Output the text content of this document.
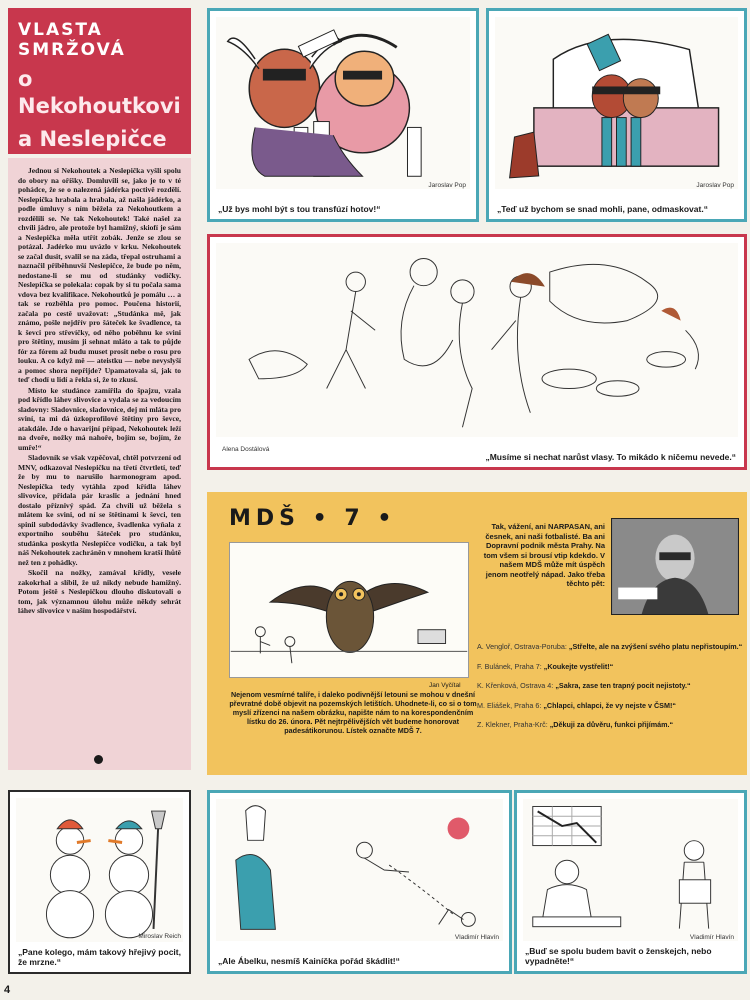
4
VLASTA SMRŽOVÁ
o Nekohoutkovi
a Neslepičce

Jednou si Nekohoutek a Neslepička vyšli spolu do obory na oříšky. Domluvili se, jako je to v té pohádce, že se o nalezená jádérka poctivě rozdělí. Neslepička hrabala a hrabala, až našla jádérko, a podle úmluvy s ním běžela za Nekohoutkem a rozdělili se. Ne tak Nekohoutek! Také našel za chvíli jádro, ale protože byl hamižný, skiofí je sám a Neslepička měla utřít zobák. Jenže se zlou se potázal. Jadérko mu uvázlo v krku. Nekohoutek se začal dusit, svalil se na záda, třepal ostruhami a naznačil přiběhnuvší Neslepičce, že bude po něm, nedostane-li se mu od studánky vodičky. Neslepička se polekala: copak by si tu počala sama vdova bez kvalifikace. Nekohoutků je pomálu … a tak se rozběhla pro pomoc. Poučena historií, začala po cestě uvažovat: „Studánka mě, jak známo, pošle nejdřív pro šáteček ke švadlence, ta k ševci pro střevíčky, od něho poběhnu ke svini pro štětiny, musím ji sehnat mláto a tak to půjde fór za fórem až budu muset prosit nebe o rosu pro louku. A co když mě — ateistku — nebe nevyslyší a pomoc shora nepřijde? Upamatovala si, jak to teď chodí u lidí a řekla si, že to zkusí.

Místo ke studánce zamířila do špajzu, vzala pod křídlo láhev slivovice a vydala se za vedoucím sladovny: Sladovnice, sladovnice, dej mi mláta pro sviní, ta mi dá úzkoprofilové štětiny pro ševce, atakdále. Jde o havarijní případ, Nekohoutek leží na dvoře, nožky má nahoře, bojím se, bojím, že umře!“

Sladovník se však vzpěčoval, chtěl potvrzení od MNV, odkazoval Neslepičku na třetí čtvrtletí, teď že by mu to narušilo harmonogram apod. Neslepička tedy vytáhla zpod křídla láhev slivovice, přidala pár kraslic a jednání hned dostalo příznivý spád. Za chvíli už běžela s mlátem ke svini, od ní se štětinami k ševci, ten spinil subdodávky švadlence, švadlenka vyňala z exportního souběhu šáteček pro studánku, studánka poskytla Neslepičce vodičku, a tak byl náš Nekohoutek zachráněn v mnohem kratší lhůtě než ten z pohádky.

Skočil na nožky, zamával křídly, vesele zakokrhal a slíbil, že už nikdy nebude hamižný. Potom ještě s Neslepičkou dlouho diskutovali o tom, jak významnou úlohu může někdy sehrát láhev slivovice v naším hospodářství.

Jaroslav Pop
„Už bys mohl být s tou transfúzí hotov!“
Jaroslav Pop
„Teď už bychom se snad mohli, pane, odmaskovat.“
Alena Dostálová
„Musíme si nechat narůst vlasy. To mikádo k ničemu nevede.“
MDŠ • 7 •
Jan Vyčítal
Nejenom vesmírné talíře, i daleko podivnější letouni se mohou v dnešní převratné době objevit na pozemských letištích. Uhodnete-li, co si o tom myslí zřízenci na našem obrázku, napište nám to na korespondenčním lístku do 26. února. Pět nejtrpělivějších vět budeme honorovat padesátikorunou. Lístek označte MDŠ 7.
Tak, vážení, ani NARPASAN, ani česnek, ani naši fotbalisté. Ba ani Dopravní podnik města Prahy. Na tom všem si brousí vtip kdekdo. V našem MDŠ může mít úspěch jenom neotřelý nápad. Jako třeba těchto pět:
A. Vengloř, Ostrava-Poruba: „Střelte, ale na zvýšení svého platu nepřistoupím.“
F. Bulánek, Praha 7: „Koukejte vystřelit!“
K. Křenková, Ostrava 4: „Sakra, zase ten trapný pocit nejistoty.“
M. Eliášek, Praha 6: „Chlapci, chlapci, že vy nejste v ČSM!“
Z. Klekner, Praha-Krč: „Děkuji za důvěru, funkci přijímám.“
Miroslav Reich
„Pane kolego, mám takový hřejivý pocit, že mrzne.“
Vladimír Hlavín
„Ale Ábelku, nesmíš Kainíčka pořád škádlit!“
Vladimír Hlavín
„Buď se spolu budem bavit o ženskejch, nebo vypadněte!“
